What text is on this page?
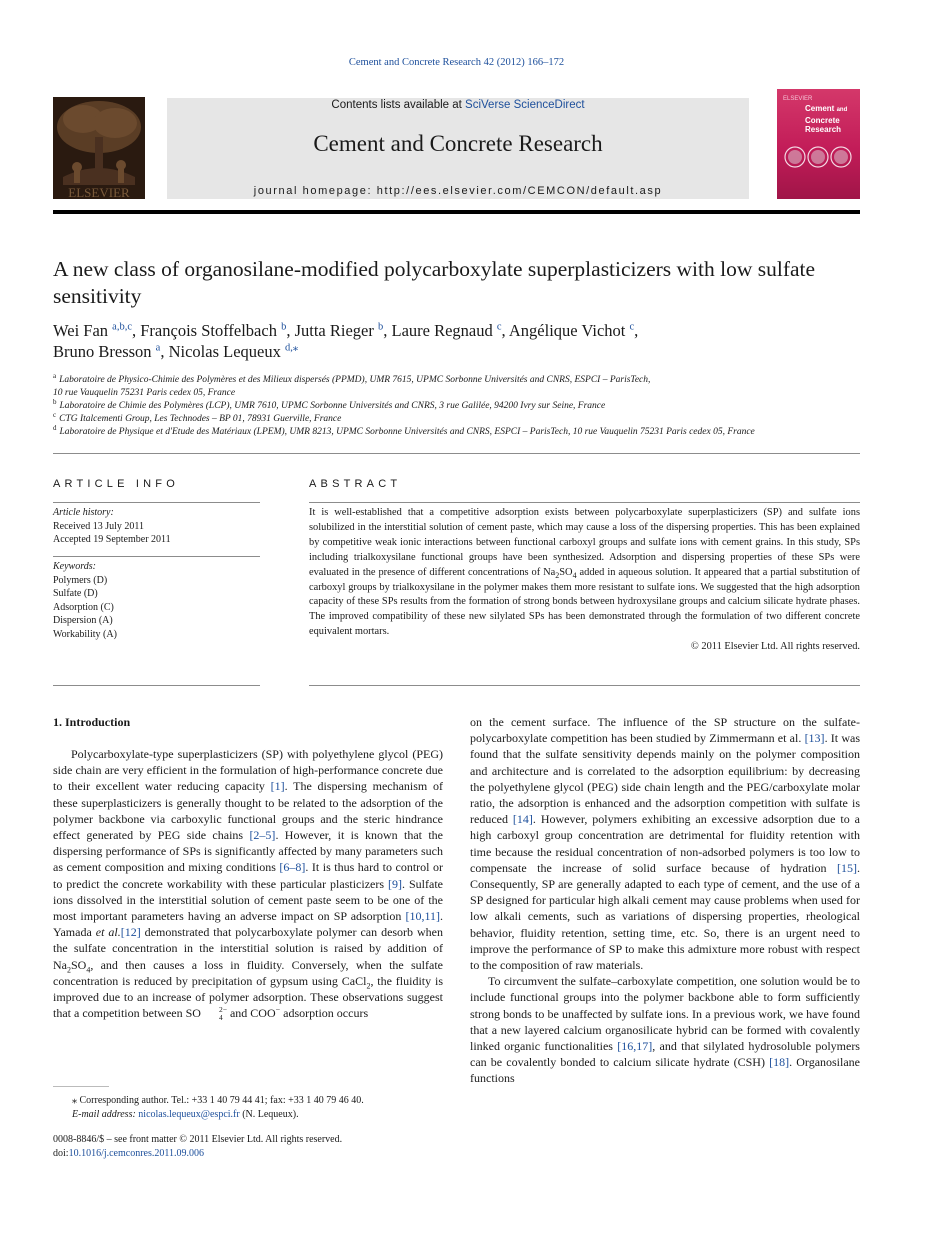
Cement and Concrete Research 42 (2012) 166–172
ELSEVIER
Contents lists available at SciVerse ScienceDirect
Cement and Concrete Research
journal homepage: http://ees.elsevier.com/CEMCON/default.asp
ELSEVIER
Cement and
Concrete
Research
A new class of organosilane-modified polycarboxylate superplasticizers with low sulfate sensitivity
Wei Fan $^{a,b,c}$, François Stoffelbach $^b$, Jutta Rieger $^b$, Laure Regnaud $^c$, Angélique Vichot $^c$,
Bruno Bresson $^a$, Nicolas Lequeux $^{d,⁎}$
$^a$ Laboratoire de Physico-Chimie des Polymères et des Milieux dispersés (PPMD), UMR 7615, UPMC Sorbonne Universités and CNRS, ESPCI – ParisTech,
10 rue Vauquelin 75231 Paris cedex 05, France
$^b$ Laboratoire de Chimie des Polymères (LCP), UMR 7610, UPMC Sorbonne Universités and CNRS, 3 rue Galilée, 94200 Ivry sur Seine, France
$^c$ CTG Italcementi Group, Les Technodes – BP 01, 78931 Guerville, France
$^d$ Laboratoire de Physique et d'Etude des Matériaux (LPEM), UMR 8213, UPMC Sorbonne Universités and CNRS, ESPCI – ParisTech, 10 rue Vauquelin 75231 Paris cedex 05, France
ARTICLE INFO
Article history:
Received 13 July 2011
Accepted 19 September 2011
Keywords:
Polymers (D)
Sulfate (D)
Adsorption (C)
Dispersion (A)
Workability (A)
ABSTRACT
It is well-established that a competitive adsorption exists between polycarboxylate superplasticizers (SP) and sulfate ions solubilized in the interstitial solution of cement paste, which may cause a loss of the dispersing properties. This has been explained by competitive weak ionic interactions between functional carboxyl groups and sulfate ions with cement grains. In this study, SPs including trialkoxysilane functional groups have been synthesized. Adsorption and dispersing properties of these SPs were evaluated in the presence of different concentrations of $Na_2SO_4$ added in aqueous solution. It appeared that a partial substitution of carboxyl groups by trialkoxysilane in the polymer makes them more resistant to sulfate ions. We suggested that the high adsorption capacity of these SPs results from the formation of strong bonds between hydroxysilane groups and calcium silicate hydrate phases. The improved compatibility of these new silylated SPs has been demonstrated through the formulation of two different concrete equivalent mortars.
© 2011 Elsevier Ltd. All rights reserved.
1. Introduction

Polycarboxylate-type superplasticizers (SP) with polyethylene glycol (PEG) side chain are very efficient in the formulation of high-performance concrete due to their excellent water reducing capacity [1]. The dispersing mechanism of these superplasticizers is generally thought to be related to the adsorption of the polymer backbone via carboxylic functional groups and the steric hindrance effect generated by PEG side chains [2–5]. However, it is known that the dispersing performance of SPs is significantly affected by many parameters such as cement composition and mixing conditions [6–8]. It is thus hard to control or to predict the concrete workability with these particular plasticizers [9]. Sulfate ions dissolved in the interstitial solution of cement paste seem to be one of the most important parameters having an adverse impact on SP adsorption [10,11]. Yamada et al.[12] demonstrated that polycarboxylate polymer can desorb when the sulfate concentration in the interstitial solution is raised by addition of $Na_2SO_4$, and then causes a loss in fluidity. Conversely, when the sulfate concentration is reduced by precipitation of gypsum using CaCl$_2$, the fluidity is improved due to an increase of polymer adsorption. These observations suggest that a competition between SO	2−
4 and COO− adsorption occurs

on the cement surface. The influence of the SP structure on the sulfate-polycarboxylate competition has been studied by Zimmermann et al. [13]. It was found that the sulfate sensitivity depends mainly on the polymer composition and architecture and is correlated to the adsorption equilibrium: by decreasing the polyethylene glycol (PEG) side chain length and the PEG/carboxylate molar ratio, the adsorption is enhanced and the adsorption competition with sulfate is reduced [14]. However, polymers exhibiting an excessive adsorption due to a high carboxyl group concentration are detrimental for fluidity retention with time because the residual concentration of non-adsorbed polymers is too low to compensate the increase of solid surface because of hydration [15]. Consequently, SP are generally adapted to each type of cement, and the use of a SP designed for particular high alkali cement may cause problems when used for low alkali cements, such as variations of dispersing properties, rheological behavior, fluidity retention, setting time, etc. So, there is an urgent need to improve the performance of SP to make this admixture more robust with respect to the composition of raw materials.

To circumvent the sulfate–carboxylate competition, one solution would be to include functional groups into the polymer backbone able to form sufficiently strong bonds to be unaffected by sulfate ions. In a previous work, we have found that a new layered calcium organosilicate hybrid can be formed with covalently linked organic functionalities [16,17], and that silylated hydrosoluble polymers can be covalently bonded to calcium silicate hydrate (CSH) [18]. Organosilane functions

⁎ Corresponding author. Tel.: +33 1 40 79 44 41; fax: +33 1 40 79 46 40.
E-mail address: nicolas.lequeux@espci.fr (N. Lequeux).
0008-8846/$ – see front matter © 2011 Elsevier Ltd. All rights reserved.
doi:10.1016/j.cemconres.2011.09.006
